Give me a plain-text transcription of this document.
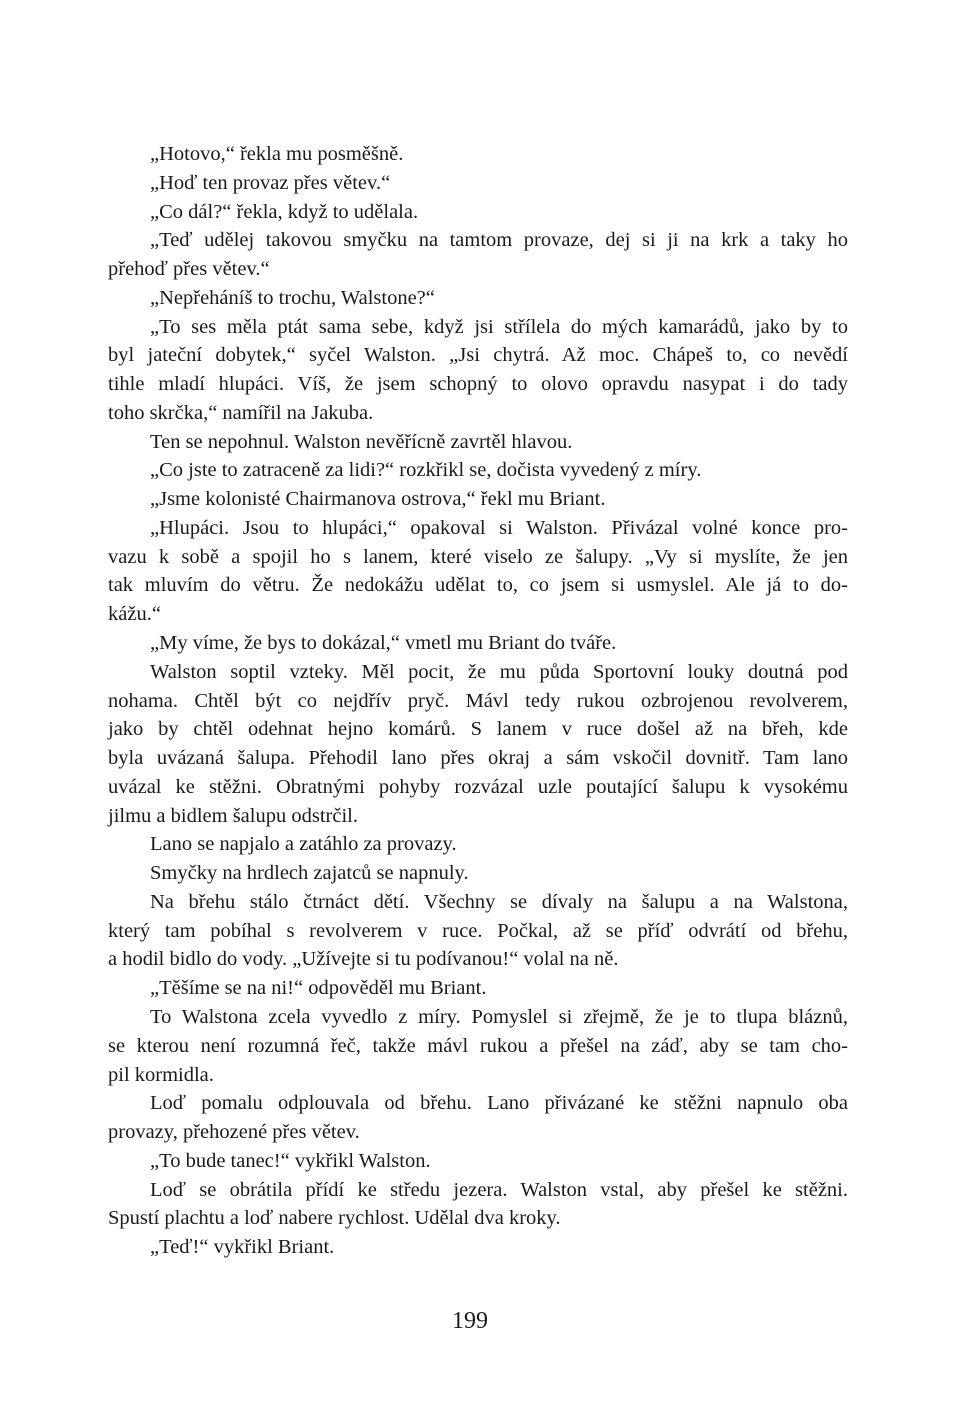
„Hotovo,“ řekla mu posměšně.
„Hoď ten provaz přes větev.“
„Co dál?“ řekla, když to udělala.
„Teď udělej takovou smyčku na tamtom provaze, dej si ji na krk a taky ho
přehoď přes větev.“
„Nepřeháníš to trochu, Walstone?“
„To ses měla ptát sama sebe, když jsi střílela do mých kamarádů, jako by to
byl jateční dobytek,“ syčel Walston. „Jsi chytrá. Až moc. Chápeš to, co nevědí
tihle mladí hlupáci. Víš, že jsem schopný to olovo opravdu nasypat i do tady
toho skrčka,“ namířil na Jakuba.
Ten se nepohnul. Walston nevěřícně zavrtěl hlavou.
„Co jste to zatraceně za lidi?“ rozkřikl se, dočista vyvedený z míry.
„Jsme kolonisté Chairmanova ostrova,“ řekl mu Briant.
„Hlupáci. Jsou to hlupáci,“ opakoval si Walston. Přivázal volné konce pro-
vazu k sobě a spojil ho s lanem, které viselo ze šalupy. „Vy si myslíte, že jen
tak mluvím do větru. Že nedokážu udělat to, co jsem si usmyslel. Ale já to do-
kážu.“
„My víme, že bys to dokázal,“ vmetl mu Briant do tváře.
Walston soptil vzteky. Měl pocit, že mu půda Sportovní louky doutná pod
nohama. Chtěl být co nejdřív pryč. Mávl tedy rukou ozbrojenou revolverem,
jako by chtěl odehnat hejno komárů. S lanem v ruce došel až na břeh, kde
byla uvázaná šalupa. Přehodil lano přes okraj a sám vskočil dovnitř. Tam lano
uvázal ke stěžni. Obratnými pohyby rozvázal uzle poutající šalupu k vysokému
jilmu a bidlem šalupu odstrčil.
Lano se napjalo a zatáhlo za provazy.
Smyčky na hrdlech zajatců se napnuly.
Na břehu stálo čtrnáct dětí. Všechny se dívaly na šalupu a na Walstona,
který tam pobíhal s revolverem v ruce. Počkal, až se příď odvrátí od břehu,
a hodil bidlo do vody. „Užívejte si tu podívanou!“ volal na ně.
„Těšíme se na ni!“ odpověděl mu Briant.
To Walstona zcela vyvedlo z míry. Pomyslel si zřejmě, že je to tlupa bláznů,
se kterou není rozumná řeč, takže mávl rukou a přešel na záď, aby se tam cho-
pil kormidla.
Loď pomalu odplouvala od břehu. Lano přivázané ke stěžni napnulo oba
provazy, přehozené přes větev.
„To bude tanec!“ vykřikl Walston.
Loď se obrátila přídí ke středu jezera. Walston vstal, aby přešel ke stěžni.
Spustí plachtu a loď nabere rychlost. Udělal dva kroky.
„Teď!“ vykřikl Briant.
199
